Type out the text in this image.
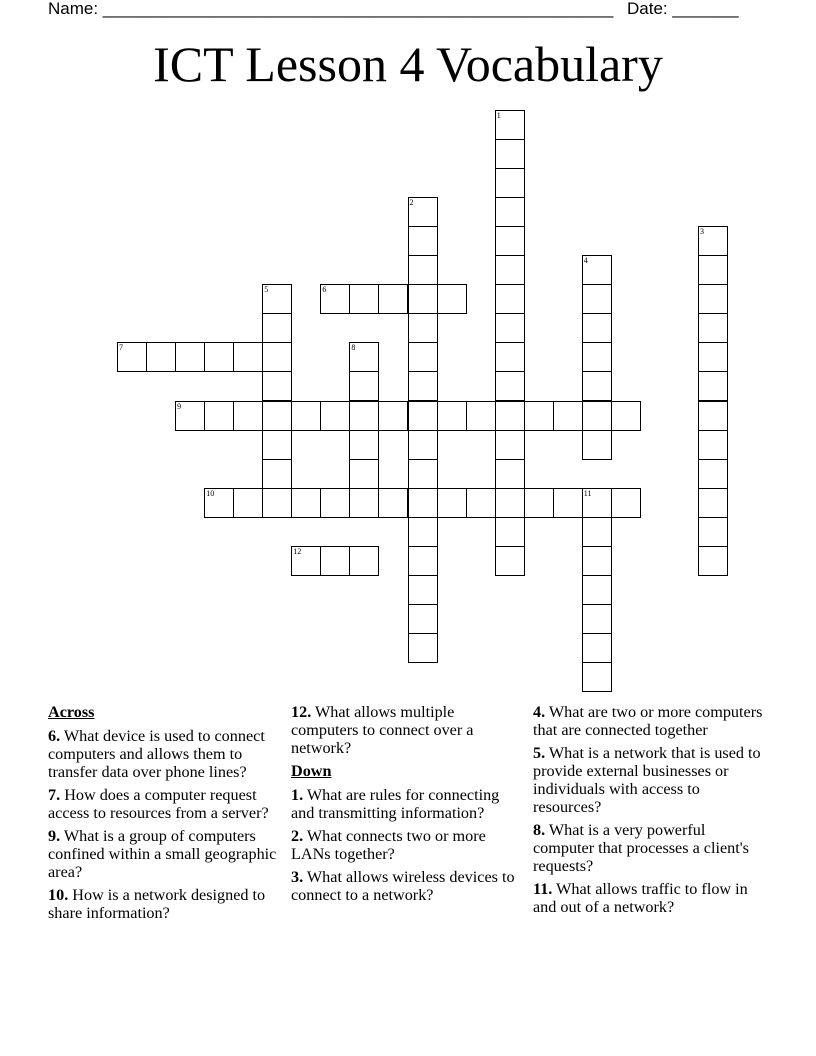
Name: ______________________________________________________ Date: _______
ICT Lesson 4 Vocabulary
1
2
3
4
5	6
7	8
9
10	11
12
Across
6. What device is used to connect computers and allows them to transfer data over phone lines?
7. How does a computer request access to resources from a server?
9. What is a group of computers confined within a small geographic area?
10. How is a network designed to share information?
12. What allows multiple computers to connect over a network?
Down
1. What are rules for connecting and transmitting information?
2. What connects two or more LANs together?
3. What allows wireless devices to connect to a network?
4. What are two or more computers that are connected together
5. What is a network that is used to provide external businesses or individuals with access to resources?
8. What is a very powerful computer that processes a client's requests?
11. What allows traffic to flow in and out of a network?
